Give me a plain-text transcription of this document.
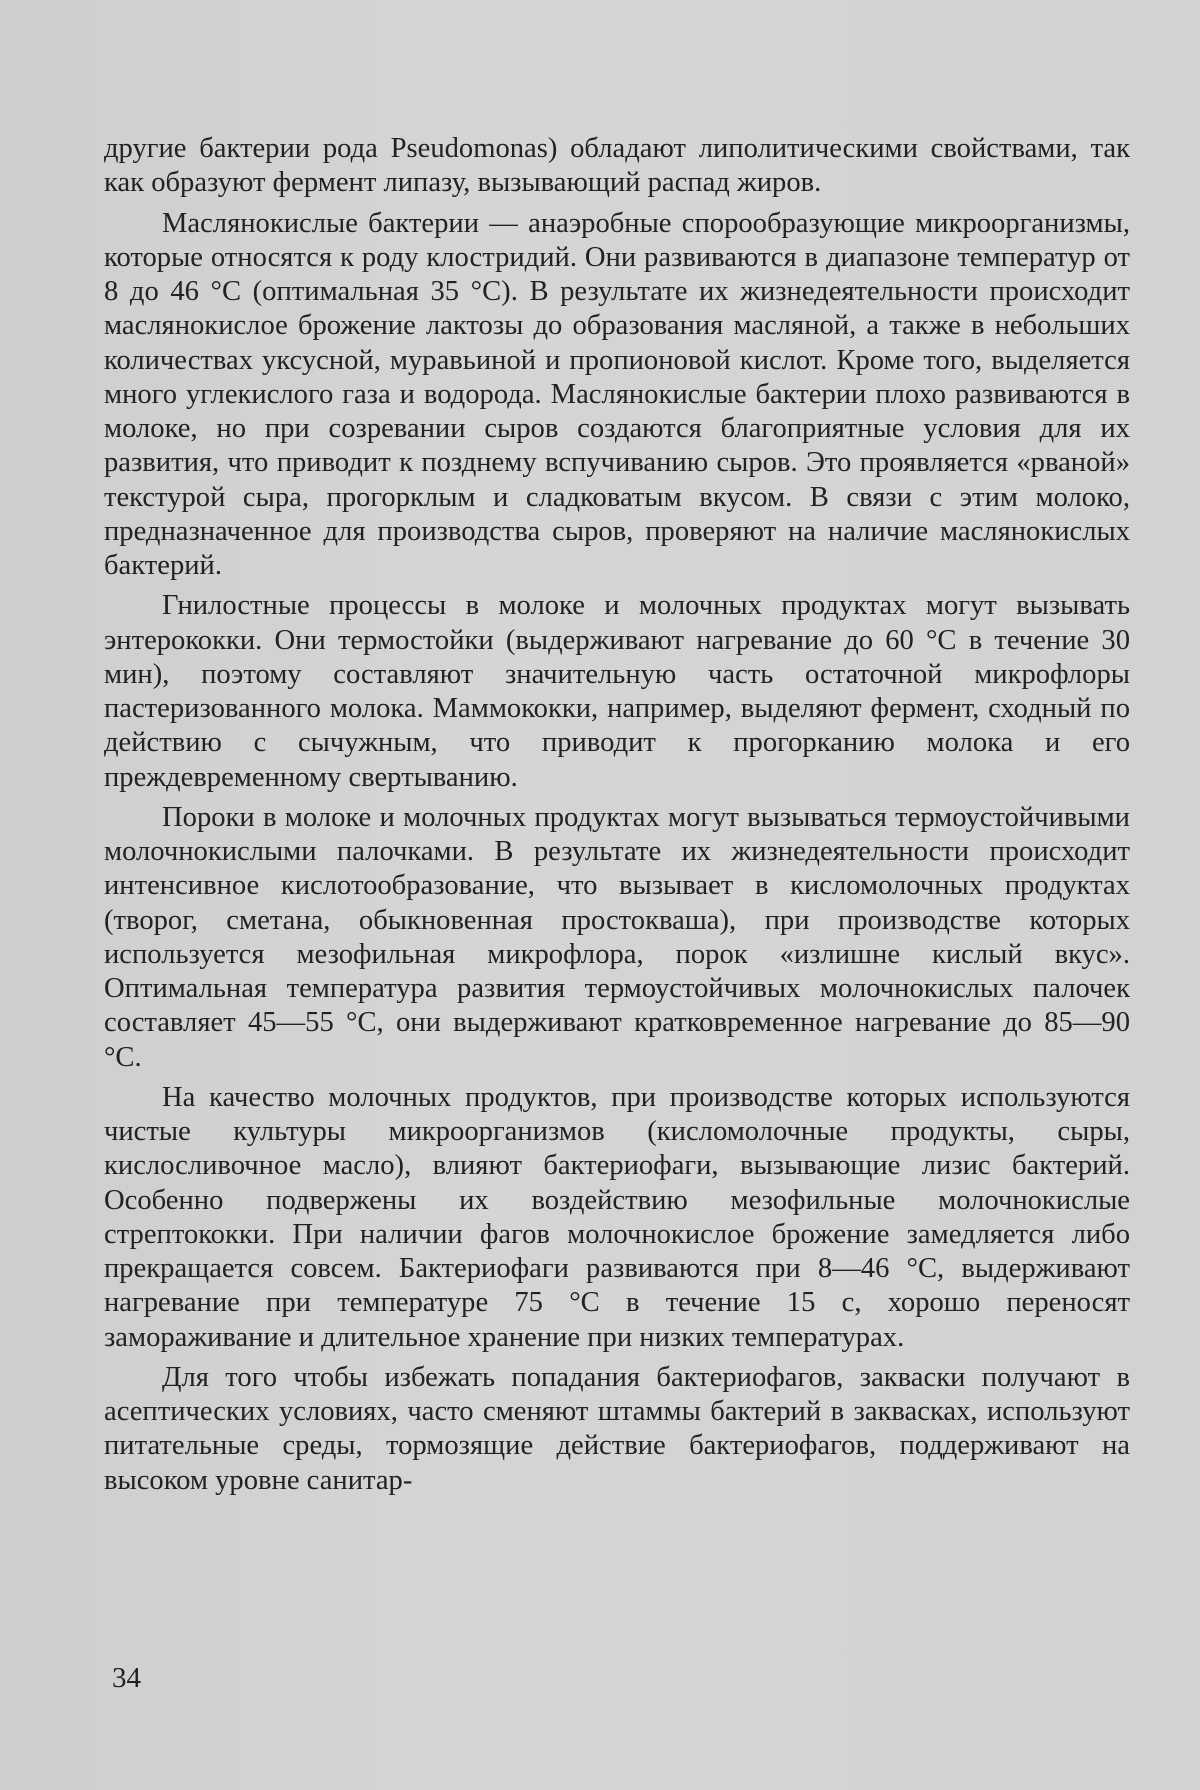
другие бактерии рода Pseudomonas) обладают липолитическими свойствами, так как образуют фермент липазу, вызывающий распад жиров.

Маслянокислые бактерии — анаэробные спорообразующие микроорганизмы, которые относятся к роду клостридий. Они развиваются в диапазоне температур от 8 до 46 °С (оптимальная 35 °С). В результате их жизнедеятельности происходит маслянокислое брожение лактозы до образования масляной, а также в небольших количествах уксусной, муравьиной и пропионовой кислот. Кроме того, выделяется много углекислого газа и водорода. Маслянокислые бактерии плохо развиваются в молоке, но при созревании сыров создаются благоприятные условия для их развития, что приводит к позднему вспучиванию сыров. Это проявляется «рваной» текстурой сыра, прогорклым и сладковатым вкусом. В связи с этим молоко, предназначенное для производства сыров, проверяют на наличие маслянокислых бактерий.

Гнилостные процессы в молоке и молочных продуктах могут вызывать энтерококки. Они термостойки (выдерживают нагревание до 60 °С в течение 30 мин), поэтому составляют значительную часть остаточной микрофлоры пастеризованного молока. Маммококки, например, выделяют фермент, сходный по действию с сычужным, что приводит к прогорканию молока и его преждевременному свертыванию.

Пороки в молоке и молочных продуктах могут вызываться термоустойчивыми молочнокислыми палочками. В результате их жизнедеятельности происходит интенсивное кислотообразование, что вызывает в кисломолочных продуктах (творог, сметана, обыкновенная простокваша), при производстве которых используется мезофильная микрофлора, порок «излишне кислый вкус». Оптимальная температура развития термоустойчивых молочнокислых палочек составляет 45—55 °С, они выдерживают кратковременное нагревание до 85—90 °С.

На качество молочных продуктов, при производстве которых используются чистые культуры микроорганизмов (кисломолочные продукты, сыры, кислосливочное масло), влияют бактериофаги, вызывающие лизис бактерий. Особенно подвержены их воздействию мезофильные молочнокислые стрептококки. При наличии фагов молочнокислое брожение замедляется либо прекращается совсем. Бактериофаги развиваются при 8—46 °С, выдерживают нагревание при температуре 75 °С в течение 15 с, хорошо переносят замораживание и длительное хранение при низких температурах.

Для того чтобы избежать попадания бактериофагов, закваски получают в асептических условиях, часто сменяют штаммы бактерий в заквасках, используют питательные среды, тормозящие действие бактериофагов, поддерживают на высоком уровне санитар-

34
